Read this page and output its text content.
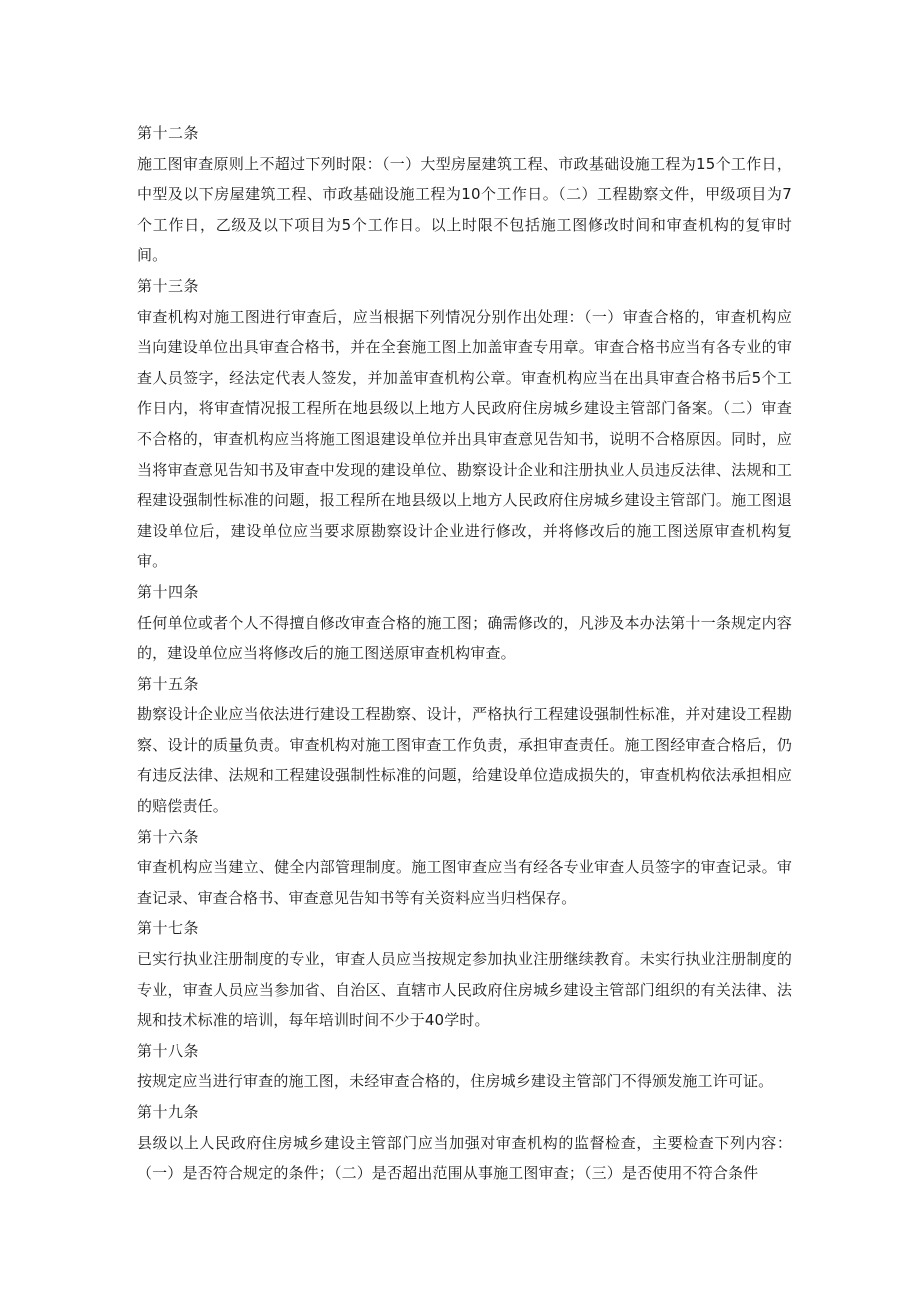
第十二条

施工图审查原则上不超过下列时限：（一）大型房屋建筑工程、市政基础设施工程为15个工作日，中型及以下房屋建筑工程、市政基础设施工程为10个工作日。（二）工程勘察文件，甲级项目为7个工作日，乙级及以下项目为5个工作日。以上时限不包括施工图修改时间和审查机构的复审时间。

第十三条

审查机构对施工图进行审查后，应当根据下列情况分别作出处理：（一）审查合格的，审查机构应当向建设单位出具审查合格书，并在全套施工图上加盖审查专用章。审查合格书应当有各专业的审查人员签字，经法定代表人签发，并加盖审查机构公章。审查机构应当在出具审查合格书后5个工作日内，将审查情况报工程所在地县级以上地方人民政府住房城乡建设主管部门备案。（二）审查不合格的，审查机构应当将施工图退建设单位并出具审查意见告知书，说明不合格原因。同时，应当将审查意见告知书及审查中发现的建设单位、勘察设计企业和注册执业人员违反法律、法规和工程建设强制性标准的问题，报工程所在地县级以上地方人民政府住房城乡建设主管部门。施工图退建设单位后，建设单位应当要求原勘察设计企业进行修改，并将修改后的施工图送原审查机构复审。

第十四条

任何单位或者个人不得擅自修改审查合格的施工图；确需修改的，凡涉及本办法第十一条规定内容的，建设单位应当将修改后的施工图送原审查机构审查。

第十五条

勘察设计企业应当依法进行建设工程勘察、设计，严格执行工程建设强制性标准，并对建设工程勘察、设计的质量负责。审查机构对施工图审查工作负责，承担审查责任。施工图经审查合格后，仍有违反法律、法规和工程建设强制性标准的问题，给建设单位造成损失的，审查机构依法承担相应的赔偿责任。

第十六条

审查机构应当建立、健全内部管理制度。施工图审查应当有经各专业审查人员签字的审查记录。审查记录、审查合格书、审查意见告知书等有关资料应当归档保存。

第十七条

已实行执业注册制度的专业，审查人员应当按规定参加执业注册继续教育。未实行执业注册制度的专业，审查人员应当参加省、自治区、直辖市人民政府住房城乡建设主管部门组织的有关法律、法规和技术标准的培训，每年培训时间不少于40学时。

第十八条

按规定应当进行审查的施工图，未经审查合格的，住房城乡建设主管部门不得颁发施工许可证。

第十九条

县级以上人民政府住房城乡建设主管部门应当加强对审查机构的监督检查，主要检查下列内容：（一）是否符合规定的条件；（二）是否超出范围从事施工图审查；（三）是否使用不符合条件
